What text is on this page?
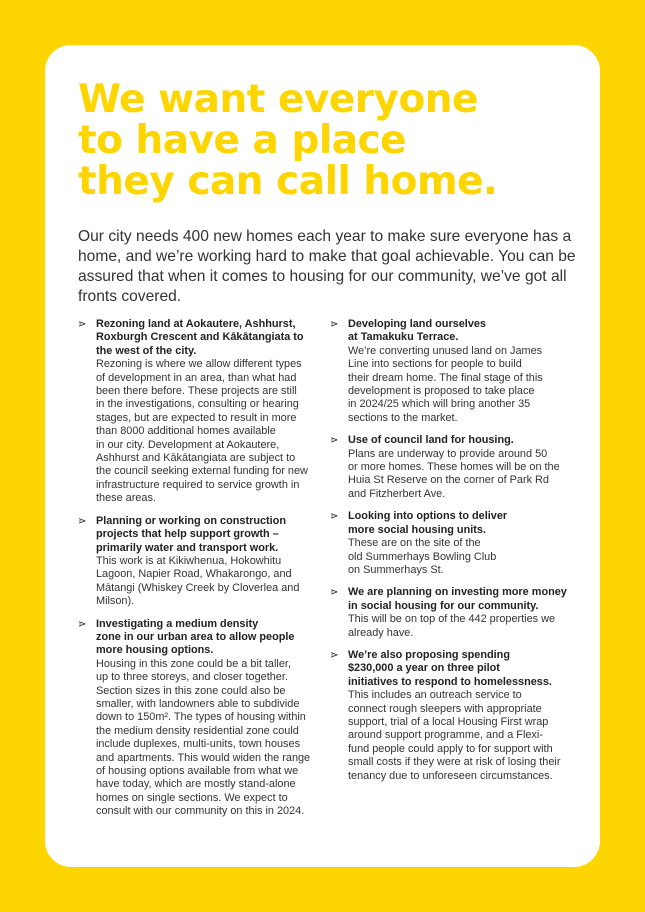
We want everyone
to have a place
they can call home.

Our city needs 400 new homes each year to make sure everyone has a home, and we’re working hard to make that goal achievable. You can be assured that when it comes to housing for our community, we’ve got all fronts covered.

⋗ Rezoning land at Aokautere, Ashhurst,
Roxburgh Crescent and Kākātangiata to
the west of the city.
Rezoning is where we allow different types
of development in an area, than what had
been there before. These projects are still
in the investigations, consulting or hearing
stages, but are expected to result in more
than 8000 additional homes available
in our city. Development at Aokautere,
Ashhurst and Kākātangiata are subject to
the council seeking external funding for new
infrastructure required to service growth in
these areas.
⋗ Planning or working on construction
projects that help support growth –
primarily water and transport work.
This work is at Kikiwhenua, Hokowhitu
Lagoon, Napier Road, Whakarongo, and
Mātangi (Whiskey Creek by Cloverlea and
Milson).
⋗ Investigating a medium density
zone in our urban area to allow people
more housing options.
Housing in this zone could be a bit taller,
up to three storeys, and closer together.
Section sizes in this zone could also be
smaller, with landowners able to subdivide
down to 150m². The types of housing within
the medium density residential zone could
include duplexes, multi-units, town houses
and apartments. This would widen the range
of housing options available from what we
have today, which are mostly stand-alone
homes on single sections. We expect to
consult with our community on this in 2024.
⋗ Developing land ourselves
at Tamakuku Terrace.
We’re converting unused land on James
Line into sections for people to build
their dream home. The final stage of this
development is proposed to take place
in 2024/25 which will bring another 35
sections to the market.
⋗ Use of council land for housing.
Plans are underway to provide around 50
or more homes. These homes will be on the
Huia St Reserve on the corner of Park Rd
and Fitzherbert Ave.
⋗ Looking into options to deliver
more social housing units.
These are on the site of the
old Summerhays Bowling Club
on Summerhays St.
⋗ We are planning on investing more money
in social housing for our community.
This will be on top of the 442 properties we
already have.
⋗ We’re also proposing spending
$230,000 a year on three pilot
initiatives to respond to homelessness.
This includes an outreach service to
connect rough sleepers with appropriate
support, trial of a local Housing First wrap
around support programme, and a Flexi-
fund people could apply to for support with
small costs if they were at risk of losing their
tenancy due to unforeseen circumstances.
